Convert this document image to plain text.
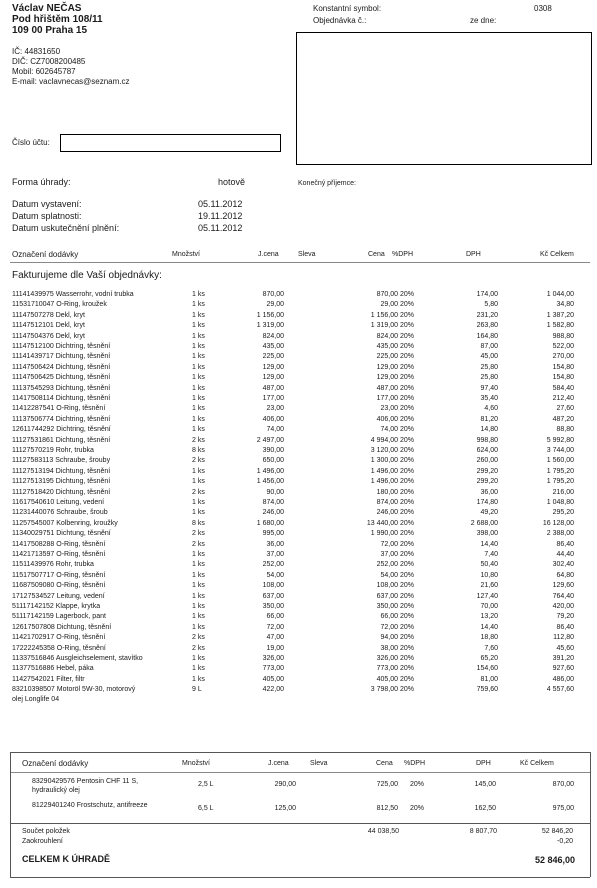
Václav NEČAS
Pod hřištěm 108/11
109 00 Praha 15
IČ: 44831650
DIČ: CZ7008200485
Mobil: 602645787
E-mail: vaclavnecas@seznam.cz
Konstantní symbol:	0308
Objednávka č.:	ze dne:
Číslo účtu:
Forma úhrady:	hotově	Konečný příjemce:
Datum vystavení:	05.11.2012
Datum splatnosti:	19.11.2012
Datum uskutečnění plnění:	05.11.2012
Označení dodávky	Množství	J.cena	Sleva	Cena %DPH	DPH	Kč Celkem
Fakturujeme dle Vaší objednávky:
11141439975 Wasserrohr, vodní trubka	1 ks	870,00	870,00 20%	174,00	1 044,00
11531710047 O-Ring, kroužek	1 ks	29,00	29,00 20%	5,80	34,80
11147507278 Dekl, kryt	1 ks	1 156,00	1 156,00 20%	231,20	1 387,20
11147512101 Dekl, kryt	1 ks	1 319,00	1 319,00 20%	263,80	1 582,80
11147504376 Dekl, kryt	1 ks	824,00	824,00 20%	164,80	988,80
11147512100 Dichtring, těsnění	1 ks	435,00	435,00 20%	87,00	522,00
11141439717 Dichtung, těsnění	1 ks	225,00	225,00 20%	45,00	270,00
11147506424 Dichtung, těsnění	1 ks	129,00	129,00 20%	25,80	154,80
11147506425 Dichtung, těsnění	1 ks	129,00	129,00 20%	25,80	154,80
11137545293 Dichtung, těsnění	1 ks	487,00	487,00 20%	97,40	584,40
11417508114 Dichtung, těsnění	1 ks	177,00	177,00 20%	35,40	212,40
11412287541 O-Ring, těsnění	1 ks	23,00	23,00 20%	4,60	27,60
11137506774 Dichtring, těsnění	1 ks	406,00	406,00 20%	81,20	487,20
12611744292 Dichtring, těsnění	1 ks	74,00	74,00 20%	14,80	88,80
11127531861 Dichtung, těsnění	2 ks	2 497,00	4 994,00 20%	998,80	5 992,80
11127570219 Rohr, trubka	8 ks	390,00	3 120,00 20%	624,00	3 744,00
11127583113 Schraube, šrouby	2 ks	650,00	1 300,00 20%	260,00	1 560,00
11127513194 Dichtung, těsnění	1 ks	1 496,00	1 496,00 20%	299,20	1 795,20
11127513195 Dichtung, těsnění	1 ks	1 456,00	1 496,00 20%	299,20	1 795,20
11127518420 Dichtung, těsnění	2 ks	90,00	180,00 20%	36,00	216,00
11617540610 Leitung, vedení	1 ks	874,00	874,00 20%	174,80	1 048,80
11231440076 Schraube, šroub	1 ks	246,00	246,00 20%	49,20	295,20
11257545007 Kolbenring, kroužky	8 ks	1 680,00	13 440,00 20%	2 688,00	16 128,00
11340029751 Dichtung, těsnění	2 ks	995,00	1 990,00 20%	398,00	2 388,00
11417508288 O-Ring, těsnění	2 ks	36,00	72,00 20%	14,40	86,40
11421713597 O-Ring, těsnění	1 ks	37,00	37,00 20%	7,40	44,40
11511439976 Rohr, trubka	1 ks	252,00	252,00 20%	50,40	302,40
11517507717 O-Ring, těsnění	1 ks	54,00	54,00 20%	10,80	64,80
11687509080 O-Ring, těsnění	1 ks	108,00	108,00 20%	21,60	129,60
17127534527 Leitung, vedení	1 ks	637,00	637,00 20%	127,40	764,40
51117142152 Klappe, krytka	1 ks	350,00	350,00 20%	70,00	420,00
51117142159 Lagerbock, pant	1 ks	66,00	66,00 20%	13,20	79,20
12617507808 Dichtung, těsnění	1 ks	72,00	72,00 20%	14,40	86,40
11421702917 O-Ring, těsnění	2 ks	47,00	94,00 20%	18,80	112,80
17222245358 O-Ring, těsnění	2 ks	19,00	38,00 20%	7,60	45,60
11337516846 Ausgleichselement, stavítko	1 ks	326,00	326,00 20%	65,20	391,20
11377516886 Hebel, páka	1 ks	773,00	773,00 20%	154,60	927,60
11427542021 Filter, filtr	1 ks	405,00	405,00 20%	81,00	486,00
83210398507 Motoröl 5W-30, motorový	9 L	422,00	3 798,00 20%	759,60	4 557,60
olej Longlife 04
Označení dodávky	Množství	J.cena	Sleva	Cena %DPH	DPH	Kč Celkem
83290429576 Pentosin CHF 11 S,
hydraulický olej
2,5 L	290,00	725,00 20%	145,00	870,00
81229401240 Frostschutz, antifreeze	6,5 L	125,00	812,50 20%	162,50	975,00
Součet položek	44 038,50	8 807,70	52 846,20
Zaokrouhlení	-0,20
CELKEM K ÚHRADĚ	52 846,00
